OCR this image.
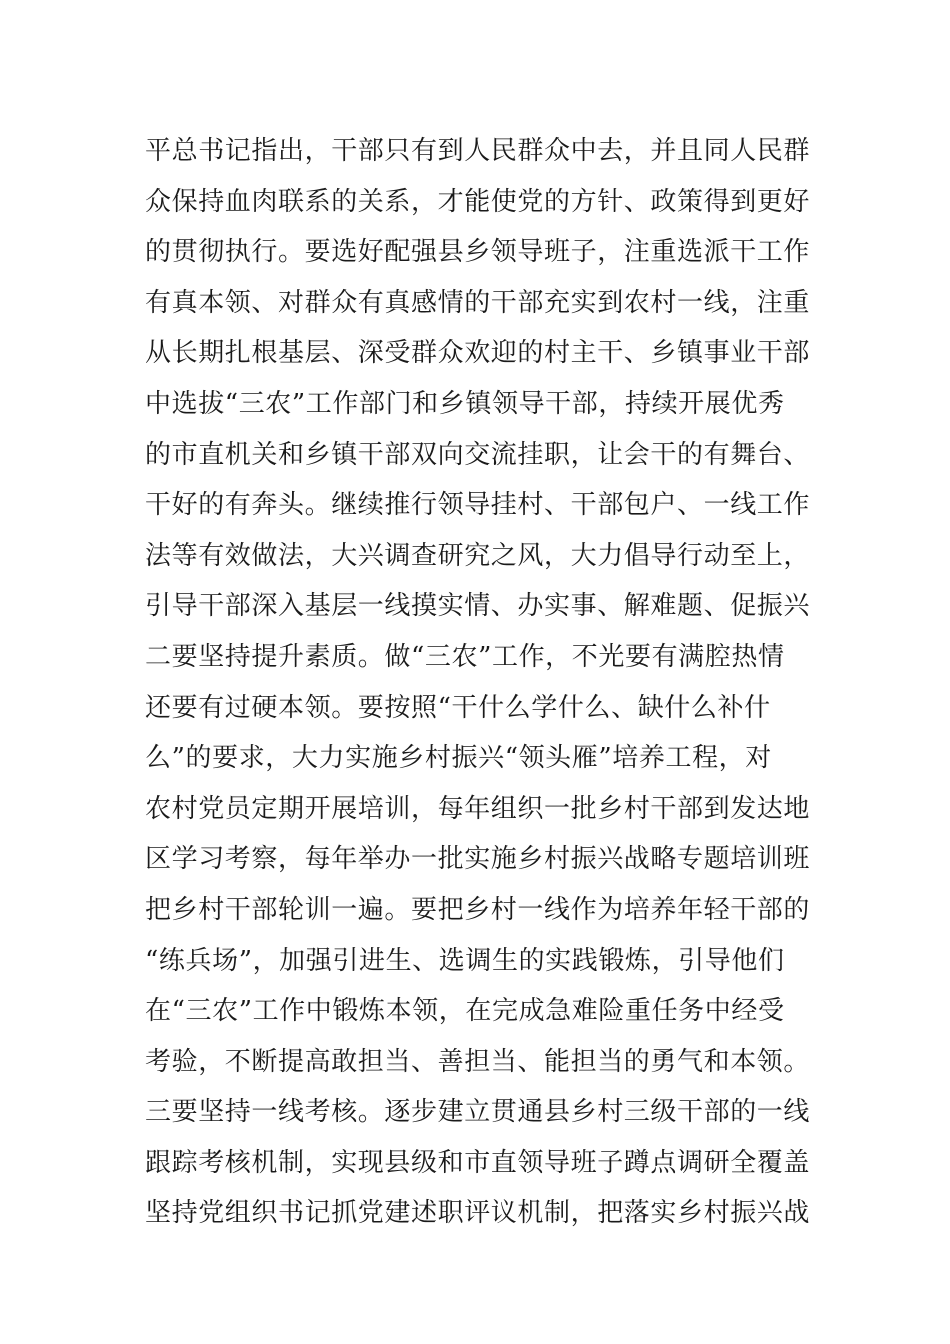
平总书记指出，干部只有到人民群众中去，并且同人民群
众保持血肉联系的关系，才能使党的方针、政策得到更好
的贯彻执行。要选好配强县乡领导班子，注重选派干工作
有真本领、对群众有真感情的干部充实到农村一线，注重
从长期扎根基层、深受群众欢迎的村主干、乡镇事业干部
中选拔“三农”工作部门和乡镇领导干部，持续开展优秀
的市直机关和乡镇干部双向交流挂职，让会干的有舞台、
干好的有奔头。继续推行领导挂村、干部包户、一线工作
法等有效做法，大兴调查研究之风，大力倡导行动至上，
引导干部深入基层一线摸实情、办实事、解难题、促振兴
二要坚持提升素质。做“三农”工作，不光要有满腔热情
还要有过硬本领。要按照“干什么学什么、缺什么补什
么”的要求，大力实施乡村振兴“领头雁”培养工程，对
农村党员定期开展培训，每年组织一批乡村干部到发达地
区学习考察，每年举办一批实施乡村振兴战略专题培训班
把乡村干部轮训一遍。要把乡村一线作为培养年轻干部的
“练兵场”，加强引进生、选调生的实践锻炼，引导他们
在“三农”工作中锻炼本领，在完成急难险重任务中经受
考验，不断提高敢担当、善担当、能担当的勇气和本领。
三要坚持一线考核。逐步建立贯通县乡村三级干部的一线
跟踪考核机制，实现县级和市直领导班子蹲点调研全覆盖
坚持党组织书记抓党建述职评议机制，把落实乡村振兴战
